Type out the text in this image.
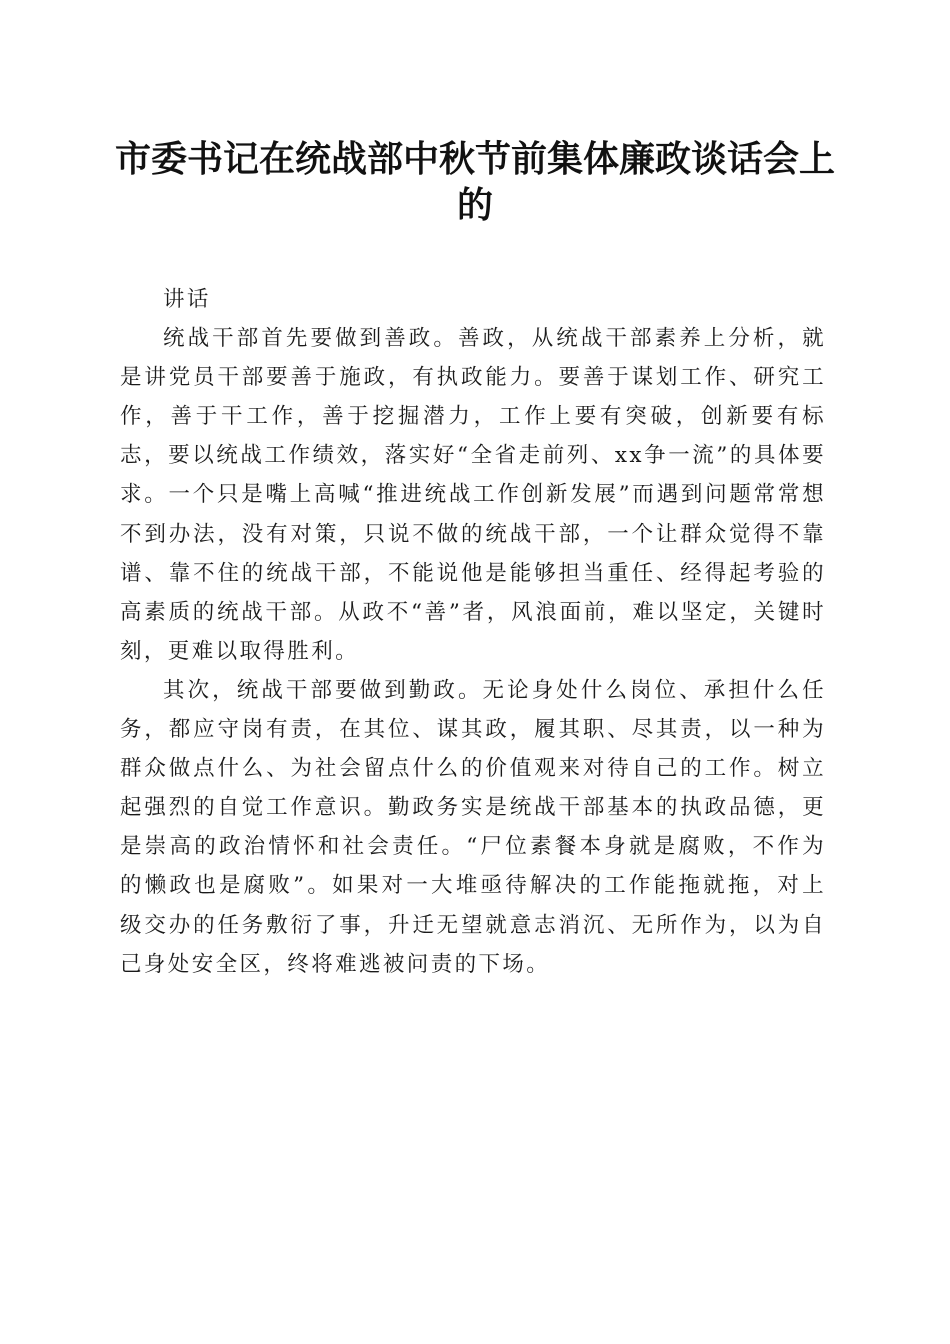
市委书记在统战部中秋节前集体廉政谈话会上的

讲话

统战干部首先要做到善政。善政，从统战干部素养上分析，就是讲党员干部要善于施政，有执政能力。要善于谋划工作、研究工作，善于干工作，善于挖掘潜力，工作上要有突破，创新要有标志，要以统战工作绩效，落实好“全省走前列、xx争一流”的具体要求。一个只是嘴上高喊“推进统战工作创新发展”而遇到问题常常想不到办法，没有对策，只说不做的统战干部，一个让群众觉得不靠谱、靠不住的统战干部，不能说他是能够担当重任、经得起考验的高素质的统战干部。从政不“善”者，风浪面前，难以坚定，关键时刻，更难以取得胜利。

其次，统战干部要做到勤政。无论身处什么岗位、承担什么任务，都应守岗有责，在其位、谋其政，履其职、尽其责，以一种为群众做点什么、为社会留点什么的价值观来对待自己的工作。树立起强烈的自觉工作意识。勤政务实是统战干部基本的执政品德，更是崇高的政治情怀和社会责任。“尸位素餐本身就是腐败，不作为的懒政也是腐败”。如果对一大堆亟待解决的工作能拖就拖，对上级交办的任务敷衍了事，升迁无望就意志消沉、无所作为，以为自己身处安全区，终将难逃被问责的下场。
